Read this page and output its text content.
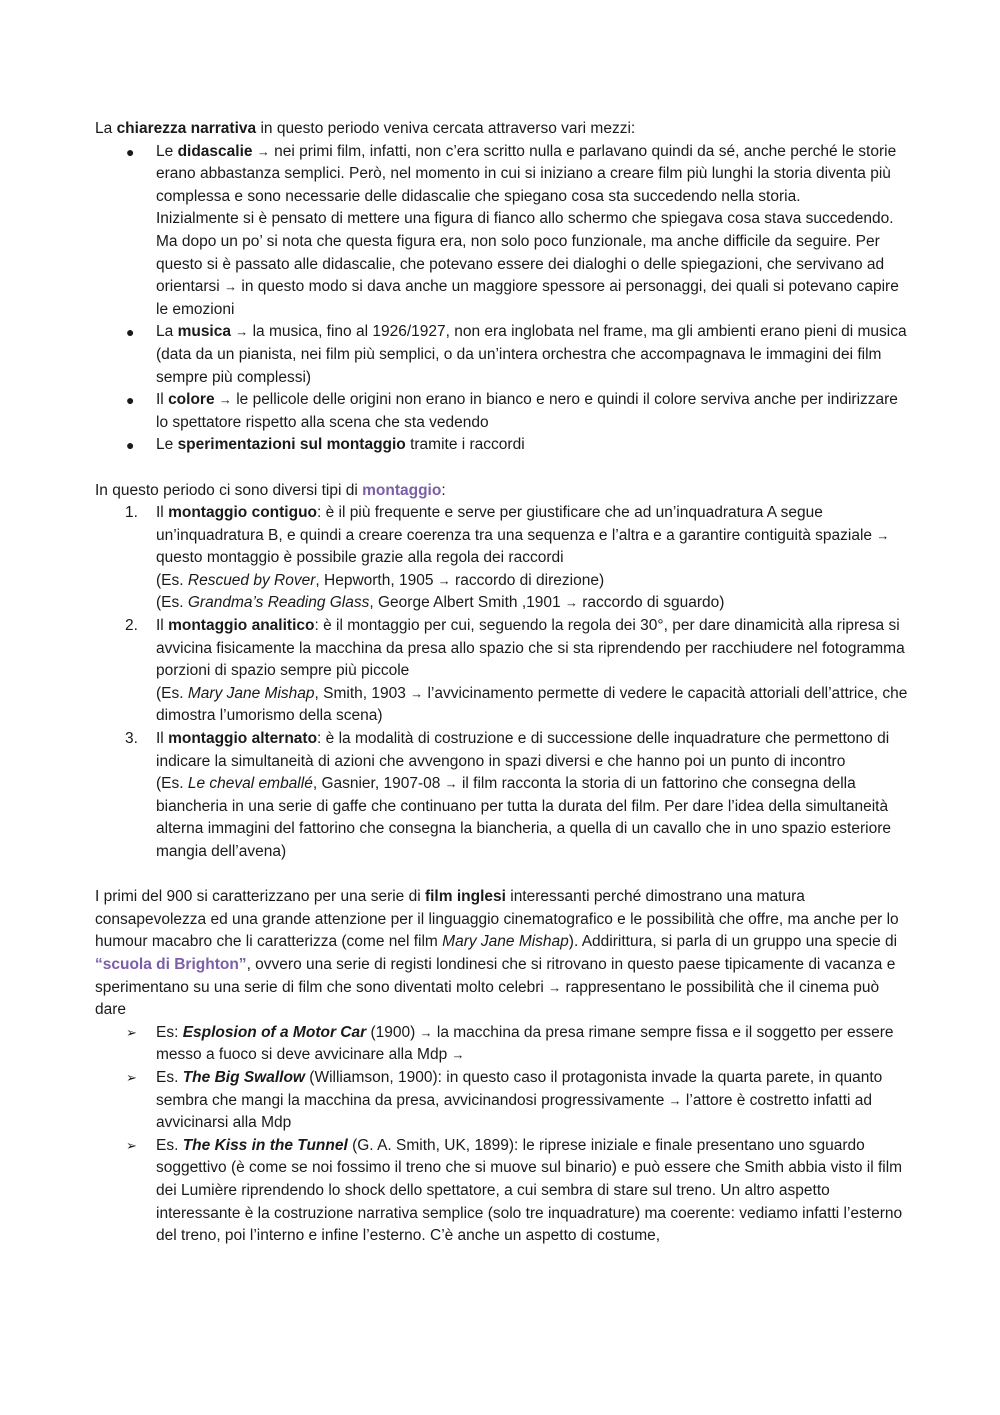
La chiarezza narrativa in questo periodo veniva cercata attraverso vari mezzi:

●	Le didascalie → nei primi film, infatti, non c’era scritto nulla e parlavano quindi da sé, anche perché le storie erano abbastanza semplici. Però, nel momento in cui si iniziano a creare film più lunghi la storia diventa più complessa e sono necessarie delle didascalie che spiegano cosa sta succedendo nella storia.
Inizialmente si è pensato di mettere una figura di fianco allo schermo che spiegava cosa stava succedendo. Ma dopo un po’ si nota che questa figura era, non solo poco funzionale, ma anche difficile da seguire. Per questo si è passato alle didascalie, che potevano essere dei dialoghi o delle spiegazioni, che servivano ad orientarsi → in questo modo si dava anche un maggiore spessore ai personaggi, dei quali si potevano capire le emozioni
●	La musica → la musica, fino al 1926/1927, non era inglobata nel frame, ma gli ambienti erano pieni di musica (data da un pianista, nei film più semplici, o da un’intera orchestra che accompagnava le immagini dei film sempre più complessi)
●	Il colore → le pellicole delle origini non erano in bianco e nero e quindi il colore serviva anche per indirizzare lo spettatore rispetto alla scena che sta vedendo
●	Le sperimentazioni sul montaggio tramite i raccordi

In questo periodo ci sono diversi tipi di montaggio:

1.	Il montaggio contiguo: è il più frequente e serve per giustificare che ad un’inquadratura A segue un’inquadratura B, e quindi a creare coerenza tra una sequenza e l’altra e a garantire contiguità spaziale → questo montaggio è possibile grazie alla regola dei raccordi
(Es. Rescued by Rover, Hepworth, 1905 → raccordo di direzione)
(Es. Grandma’s Reading Glass, George Albert Smith ,1901 → raccordo di sguardo)
2.	Il montaggio analitico: è il montaggio per cui, seguendo la regola dei 30°, per dare dinamicità alla ripresa si avvicina fisicamente la macchina da presa allo spazio che si sta riprendendo per racchiudere nel fotogramma porzioni di spazio sempre più piccole
(Es. Mary Jane Mishap, Smith, 1903 → l’avvicinamento permette di vedere le capacità attoriali dell’attrice, che dimostra l’umorismo della scena)
3.	Il montaggio alternato: è la modalità di costruzione e di successione delle inquadrature che permettono di indicare la simultaneità di azioni che avvengono in spazi diversi e che hanno poi un punto di incontro
(Es. Le cheval emballé, Gasnier, 1907-08 → il film racconta la storia di un fattorino che consegna della biancheria in una serie di gaffe che continuano per tutta la durata del film. Per dare l’idea della simultaneità alterna immagini del fattorino che consegna la biancheria, a quella di un cavallo che in uno spazio esteriore mangia dell’avena)

I primi del 900 si caratterizzano per una serie di film inglesi interessanti perché dimostrano una matura consapevolezza ed una grande attenzione per il linguaggio cinematografico e le possibilità che offre, ma anche per lo humour macabro che li caratterizza (come nel film Mary Jane Mishap). Addirittura, si parla di un gruppo una specie di “scuola di Brighton”, ovvero una serie di registi londinesi che si ritrovano in questo paese tipicamente di vacanza e sperimentano su una serie di film che sono diventati molto celebri → rappresentano le possibilità che il cinema può dare

➢	Es: Esplosion of a Motor Car (1900) → la macchina da presa rimane sempre fissa e il soggetto per essere messo a fuoco si deve avvicinare alla Mdp →
➢	Es. The Big Swallow (Williamson, 1900): in questo caso il protagonista invade la quarta parete, in quanto sembra che mangi la macchina da presa, avvicinandosi progressivamente → l’attore è costretto infatti ad avvicinarsi alla Mdp
➢	Es. The Kiss in the Tunnel (G. A. Smith, UK, 1899): le riprese iniziale e finale presentano uno sguardo soggettivo (è come se noi fossimo il treno che si muove sul binario) e può essere che Smith abbia visto il film dei Lumière riprendendo lo shock dello spettatore, a cui sembra di stare sul treno. Un altro aspetto interessante è la costruzione narrativa semplice (solo tre inquadrature) ma coerente: vediamo infatti l’esterno del treno, poi l’interno e infine l’esterno. C’è anche un aspetto di costume,
